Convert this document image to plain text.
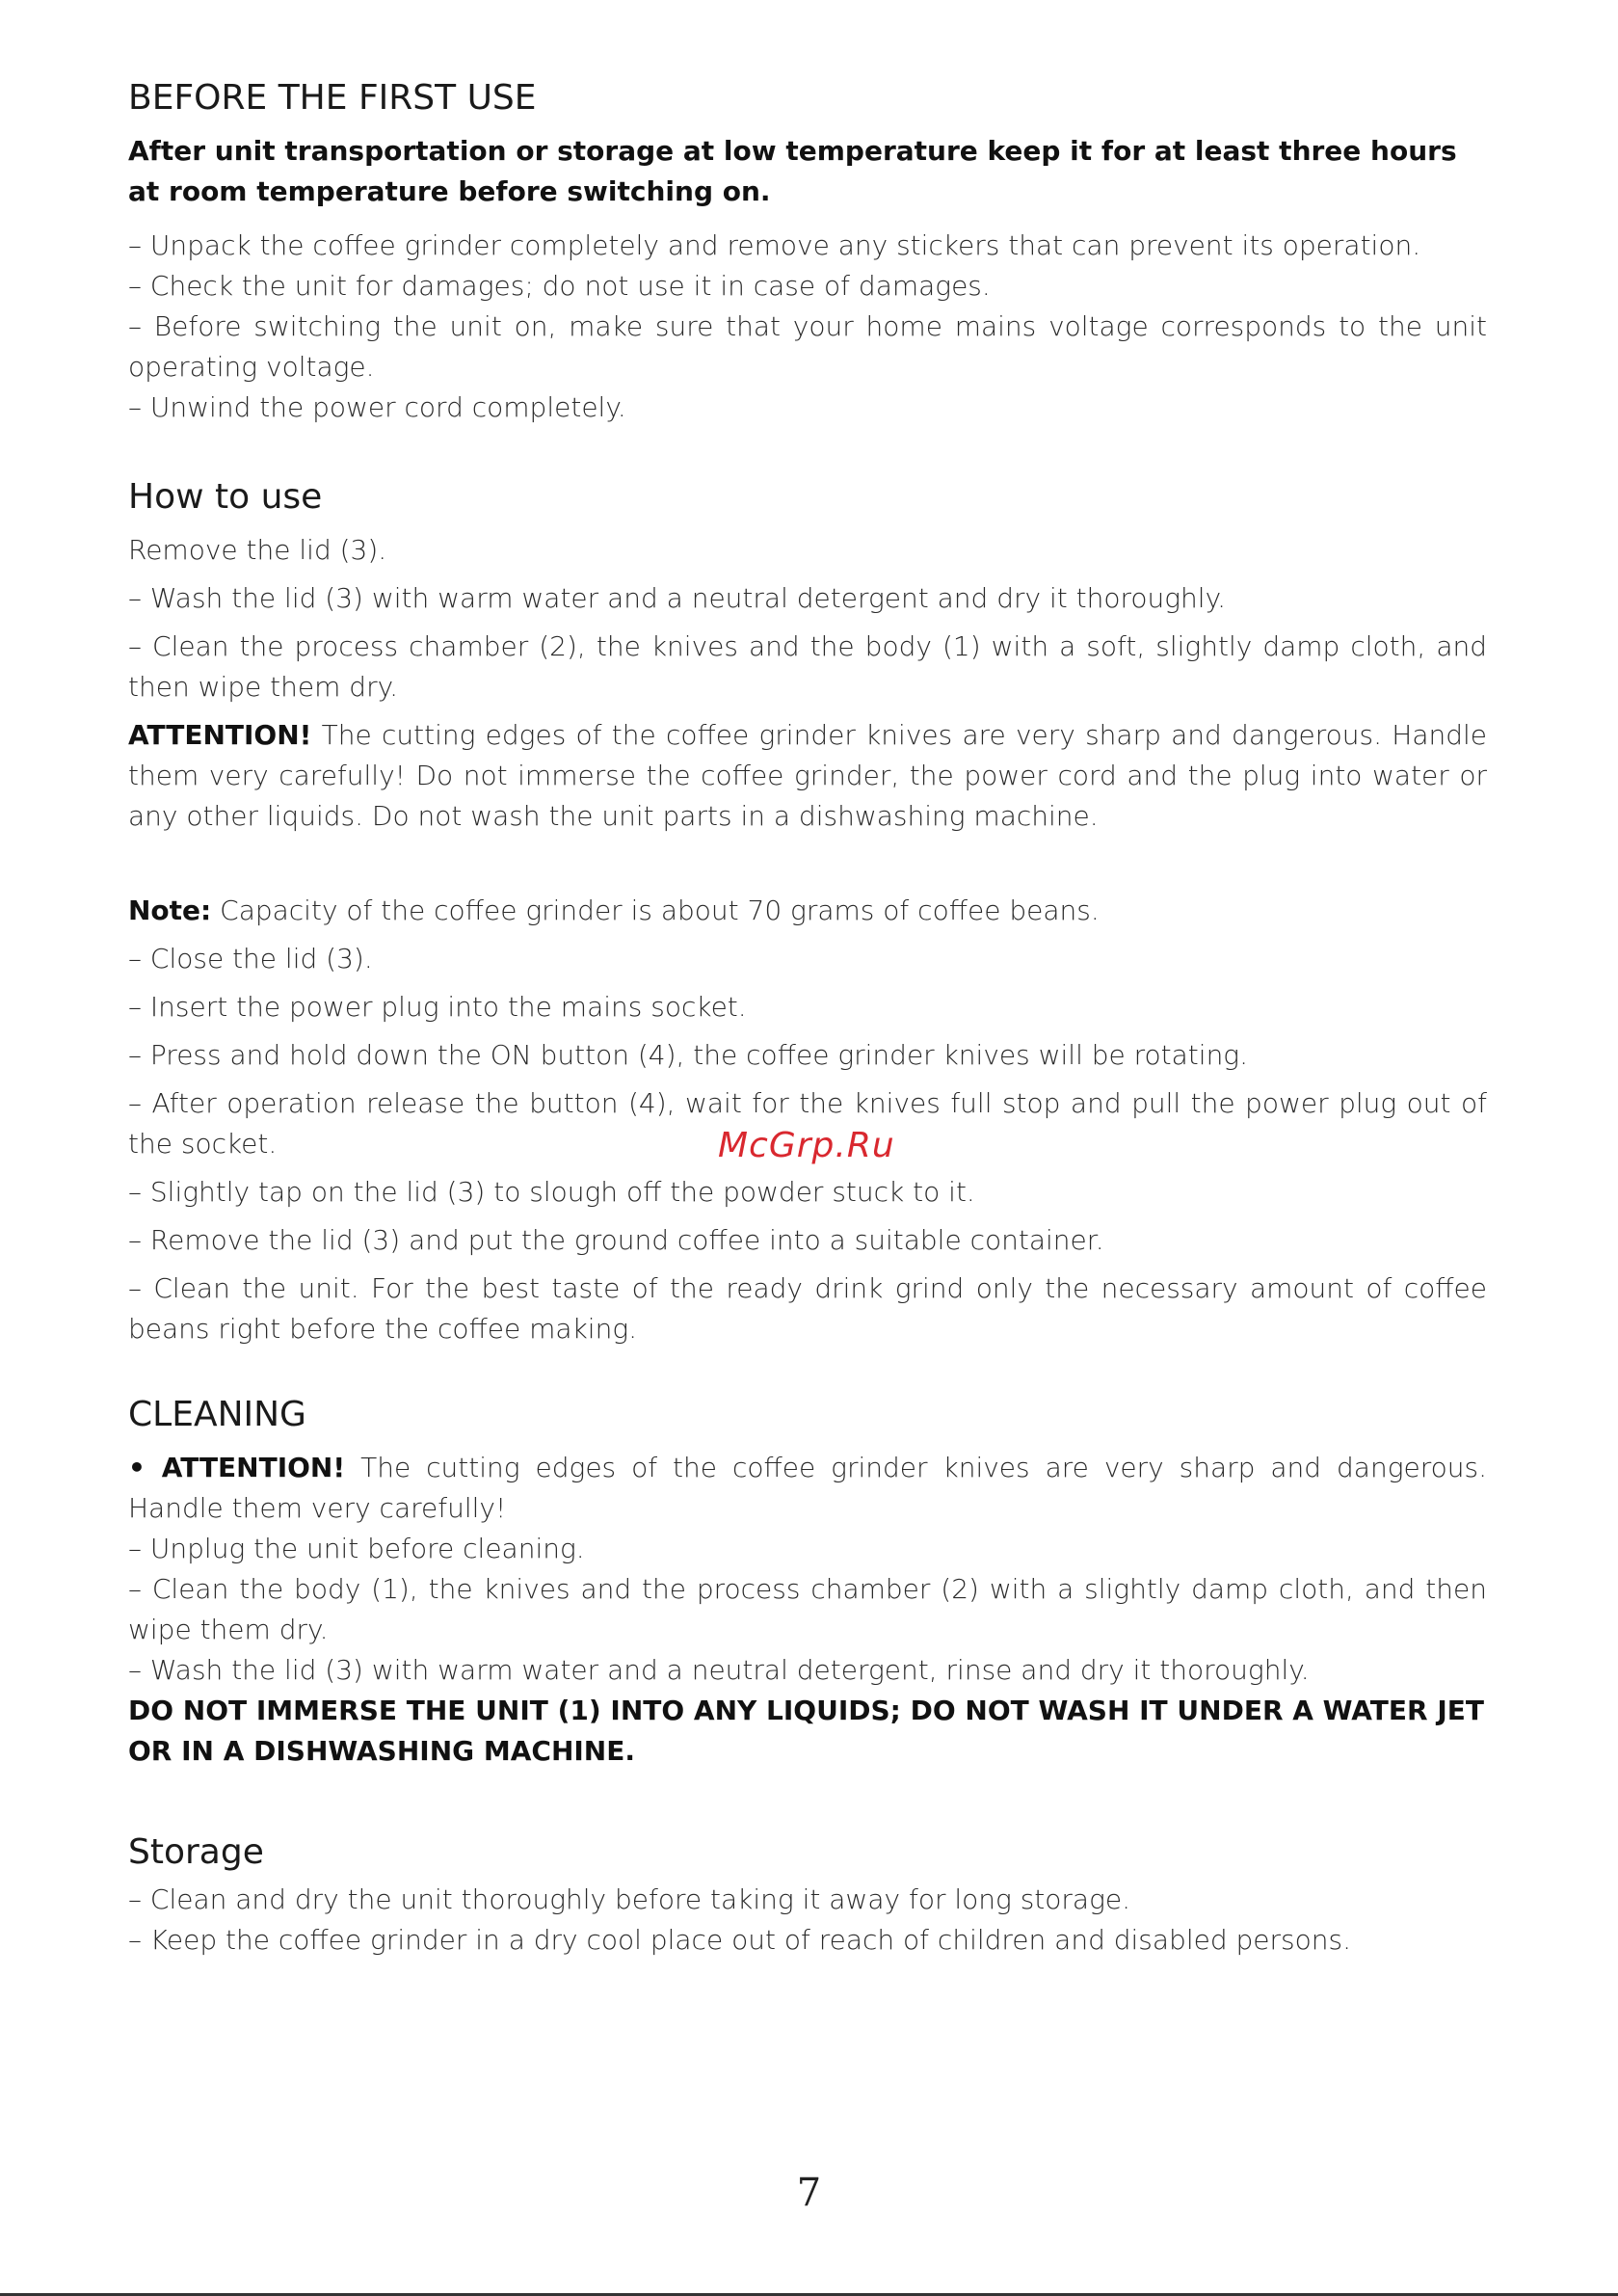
BEFORE THE FIRST USE

After unit transportation or storage at low temperature keep it for at least three hours at room temperature before switching on.

– Unpack the coffee grinder completely and remove any stickers that can prevent its operation.

– Check the unit for damages; do not use it in case of damages.

– Before switching the unit on, make sure that your home mains voltage corresponds to the unit operating voltage.

– Unwind the power cord completely.

How to use

Remove the lid (3).

– Wash the lid (3) with warm water and a neutral detergent and dry it thoroughly.

– Clean the process chamber (2), the knives and the body (1) with a soft, slightly damp cloth, and then wipe them dry.

ATTENTION! The cutting edges of the coffee grinder knives are very sharp and dangerous. Handle them very carefully! Do not immerse the coffee grinder, the power cord and the plug into water or any other liquids. Do not wash the unit parts in a dishwashing machine.

Note: Capacity of the coffee grinder is about 70 grams of coffee beans.

– Close the lid (3).

– Insert the power plug into the mains socket.

– Press and hold down the ON button (4), the coffee grinder knives will be rotating.

– After operation release the button (4), wait for the knives full stop and pull the power plug out of the socket.

– Slightly tap on the lid (3) to slough off the powder stuck to it.

– Remove the lid (3) and put the ground coffee into a suitable container.

– Clean the unit. For the best taste of the ready drink grind only the necessary amount of coffee beans right before the coffee making.

CLEANING

• ATTENTION! The cutting edges of the coffee grinder knives are very sharp and dangerous. Handle them very carefully!

– Unplug the unit before cleaning.

– Clean the body (1), the knives and the process chamber (2) with a slightly damp cloth, and then wipe them dry.

– Wash the lid (3) with warm water and a neutral detergent, rinse and dry it thoroughly.

DO NOT IMMERSE THE UNIT (1) INTO ANY LIQUIDS; DO NOT WASH IT UNDER A WATER JET OR IN A DISHWASHING MACHINE.

Storage

– Clean and dry the unit thoroughly before taking it away for long storage.

– Keep the coffee grinder in a dry cool place out of reach of children and disabled persons.

McGrp.Ru
7
